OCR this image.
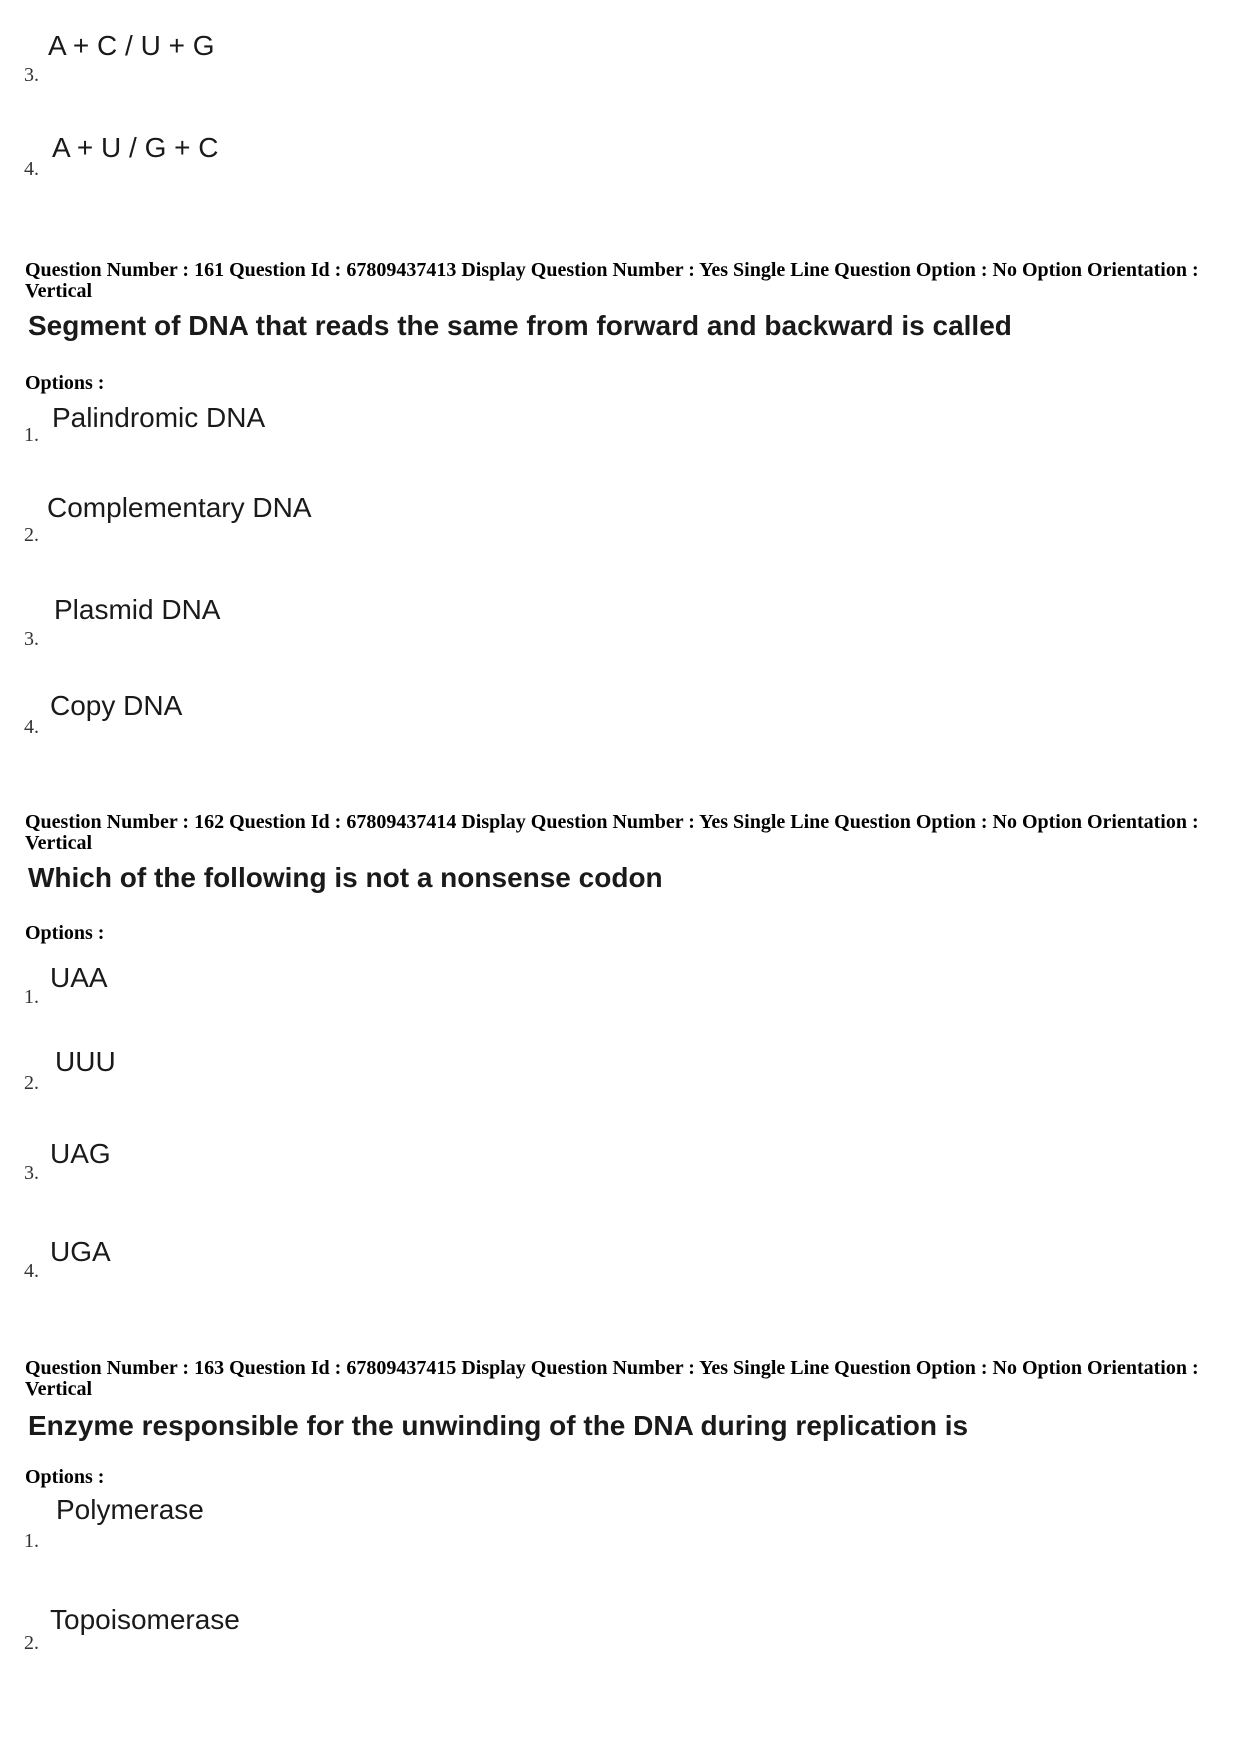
3.
A + C / U + G
4.
A + U / G + C
Question Number : 161 Question Id : 67809437413 Display Question Number : Yes Single Line Question Option : No Option Orientation : Vertical
Segment of DNA that reads the same from forward and backward is called
Options :
1.
Palindromic DNA
2.
Complementary DNA
3.
Plasmid DNA
4.
Copy DNA
Question Number : 162 Question Id : 67809437414 Display Question Number : Yes Single Line Question Option : No Option Orientation : Vertical
Which of the following is not a nonsense codon
Options :
1.
UAA
2.
UUU
3.
UAG
4.
UGA
Question Number : 163 Question Id : 67809437415 Display Question Number : Yes Single Line Question Option : No Option Orientation : Vertical
Enzyme responsible for the unwinding of the DNA during replication is
Options :
1.
Polymerase
2.
Topoisomerase
